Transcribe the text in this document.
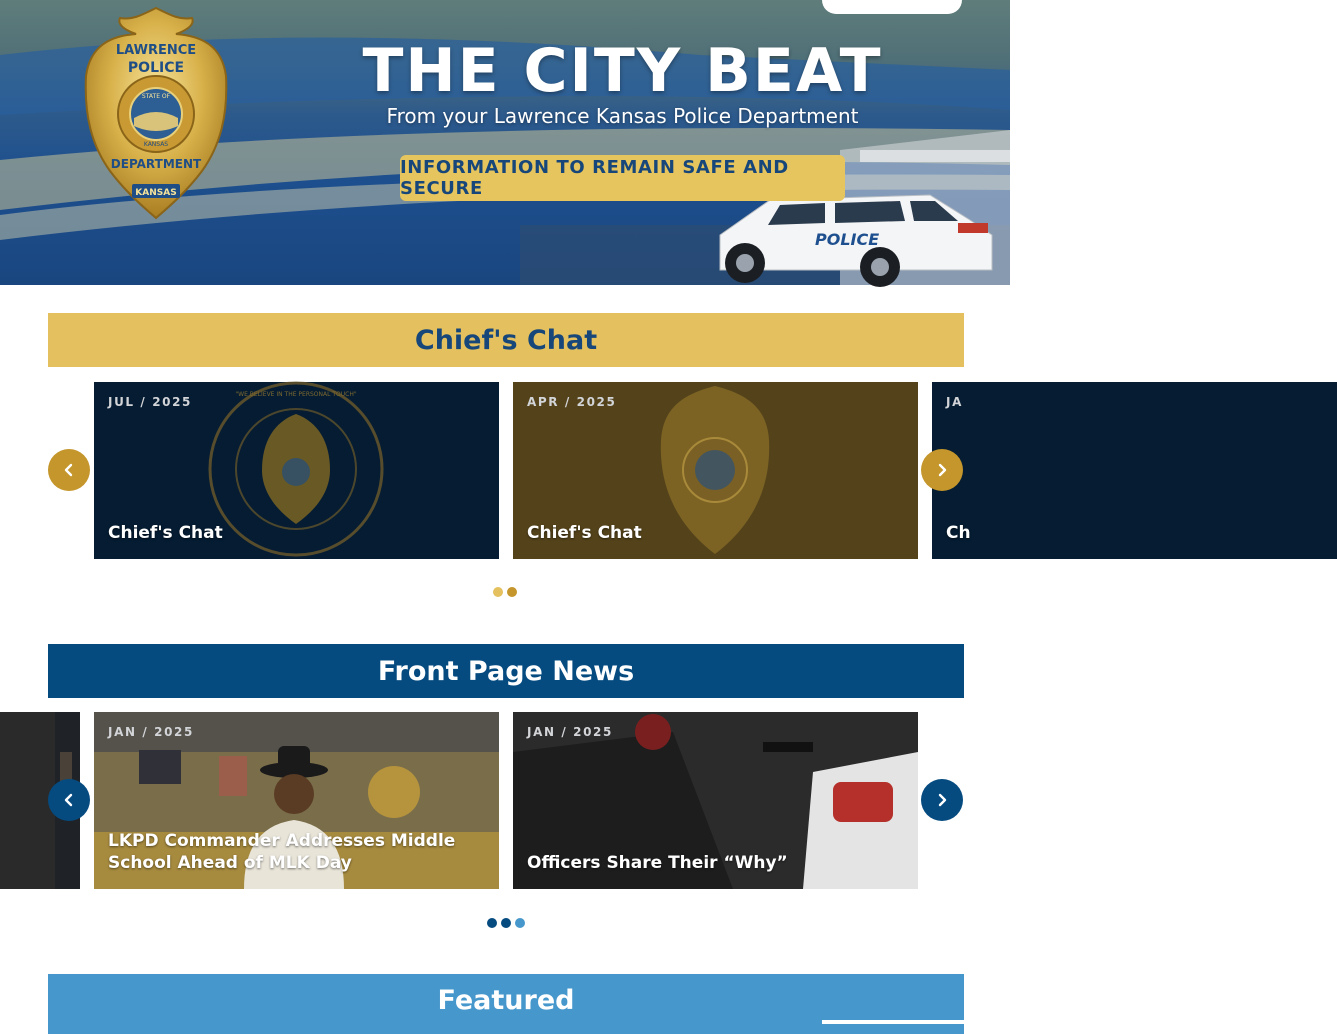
LAWRENCE
POLICE
STATE OF
KANSAS
DEPARTMENT
KANSAS
POLICE
THE CITY BEAT
From your Lawrence Kansas Police Department
INFORMATION TO REMAIN SAFE AND SECURE
Chief's Chat
"WE BELIEVE IN THE PERSONAL TOUCH"
JUL / 2025
Chief's Chat
APR / 2025
Chief's Chat
JA
Ch
Front Page News
JAN / 2025
LKPD Commander Addresses Middle School Ahead of MLK Day
JAN / 2025
Officers Share Their “Why”
Featured
